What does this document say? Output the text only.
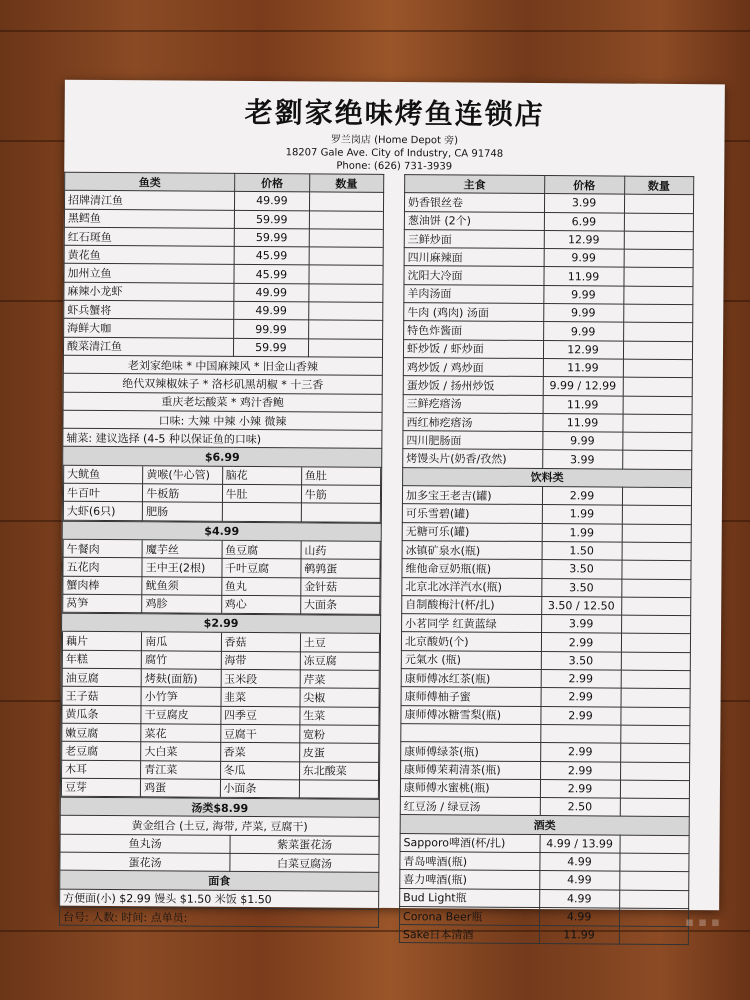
老劉家绝味烤鱼连锁店
罗兰岗店 (Home Depot 旁)
18207 Gale Ave. City of Industry, CA 91748
Phone: (626) 731-3939
鱼类	价格	数量
招牌清江鱼	49.99	
黑鳕鱼	59.99	
红石斑鱼	59.99	
黄花鱼	45.99	
加州立鱼	45.99	
麻辣小龙虾	49.99	
虾兵蟹将	49.99	
海鲜大咖	99.99	
酸菜清江鱼	59.99	
老刘家绝味 * 中国麻辣风 * 旧金山香辣
绝代双辣椒妹子 * 洛杉矶黑胡椒 * 十三香
重庆老坛酸菜 * 鸡汁香鲍
口味: 大辣 中辣 小辣 微辣
辅菜: 建议选择 (4-5 种以保证鱼的口味)
$6.99

大鱿鱼	黄喉(牛心管)	脑花	鱼肚
牛百叶	牛板筋	牛肚	牛筋
大虾(6只)	肥肠		

$4.99

午餐肉	魔芋丝	鱼豆腐	山药
五花肉	王中王(2根)	千叶豆腐	鹌鹑蛋
蟹肉棒	鱿鱼须	鱼丸	金针菇
莴笋	鸡胗	鸡心	大面条

$2.99

藕片	南瓜	香菇	土豆
年糕	腐竹	海带	冻豆腐
油豆腐	烤麸(面筋)	玉米段	芹菜
王子菇	小竹笋	韭菜	尖椒
黄瓜条	干豆腐皮	四季豆	生菜
嫩豆腐	菜花	豆腐干	宽粉
老豆腐	大白菜	香菜	皮蛋
木耳	青江菜	冬瓜	东北酸菜
豆芽	鸡蛋	小面条	

汤类$8.99
黄金组合 (土豆, 海带, 芹菜, 豆腐干)
鱼丸汤	紫菜蛋花汤
蛋花汤	白菜豆腐汤
面食
方便面(小) $2.99 馒头 $1.50 米饭 $1.50
台号: 人数: 时间: 点单员:
主食	价格	数量
奶香银丝卷	3.99	
葱油饼 (2个)	6.99	
三鲜炒面	12.99	
四川麻辣面	9.99	
沈阳大冷面	11.99	
羊肉汤面	9.99	
牛肉 (鸡肉) 汤面	9.99	
特色炸酱面	9.99	
虾炒饭 / 虾炒面	12.99	
鸡炒饭 / 鸡炒面	11.99	
蛋炒饭 / 扬州炒饭	9.99 / 12.99	
三鲜疙瘩汤	11.99	
西红柿疙瘩汤	11.99	
四川肥肠面	9.99	
烤馒头片(奶香/孜然)	3.99	
饮料类		
加多宝王老吉(罐)	2.99	
可乐雪碧(罐)	1.99	
无糖可乐(罐)	1.99	
冰镇矿泉水(瓶)	1.50	
维他命豆奶瓶(瓶)	3.50	
北京北冰洋汽水(瓶)	3.50	
自制酸梅汁(杯/扎)	3.50 / 12.50	
小茗同学 红黄蓝绿	3.99	
北京酸奶(个)	2.99	
元氣水 (瓶)	3.50	
康师傅冰红茶(瓶)	2.99	
康师傅柚子蜜	2.99	
康师傅冰糖雪梨(瓶)	2.99	

康师傅绿茶(瓶)	2.99	
康师傅茉莉清茶(瓶)	2.99	
康师傅水蜜桃(瓶)	2.99	
红豆汤 / 绿豆汤	2.50	
酒类		
Sapporo啤酒(杯/扎)	4.99 / 13.99	
青岛啤酒(瓶)	4.99	
喜力啤酒(瓶)	4.99	
Bud Light瓶	4.99	
Corona Beer瓶	4.99	
Sake日本清酒	11.99	
▪ ▪ ▪
